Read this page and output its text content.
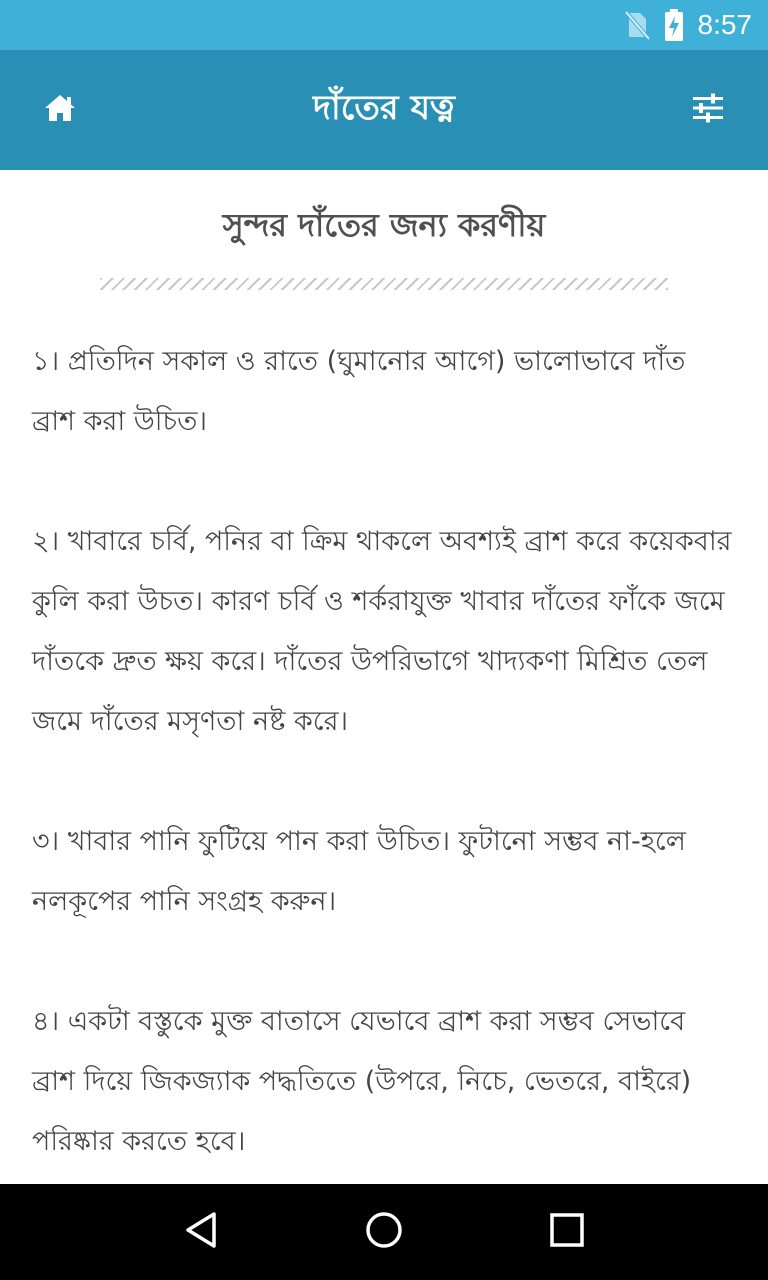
8:57
দাঁতের যত্ন
সুন্দর দাঁতের জন্য করণীয়

১। প্রতিদিন সকাল ও রাতে (ঘুমানোর আগে) ভালোভাবে দাঁত ব্রাশ করা উচিত।

২। খাবারে চর্বি, পনির বা ক্রিম থাকলে অবশ্যই ব্রাশ করে কয়েকবার কুলি করা উচত। কারণ চর্বি ও শর্করাযুক্ত খাবার দাঁতের ফাঁকে জমে দাঁতকে দ্রুত ক্ষয় করে। দাঁতের উপরিভাগে খাদ্যকণা মিশ্রিত তেল জমে দাঁতের মসৃণতা নষ্ট করে।

৩। খাবার পানি ফুটিয়ে পান করা উচিত। ফুটানো সম্ভব না-হলে নলকূপের পানি সংগ্রহ করুন।

৪। একটা বস্তুকে মুক্ত বাতাসে যেভাবে ব্রাশ করা সম্ভব সেভাবে ব্রাশ দিয়ে জিকজ্যাক পদ্ধতিতে (উপরে, নিচে, ভেতরে, বাইরে) পরিষ্কার করতে হবে।
